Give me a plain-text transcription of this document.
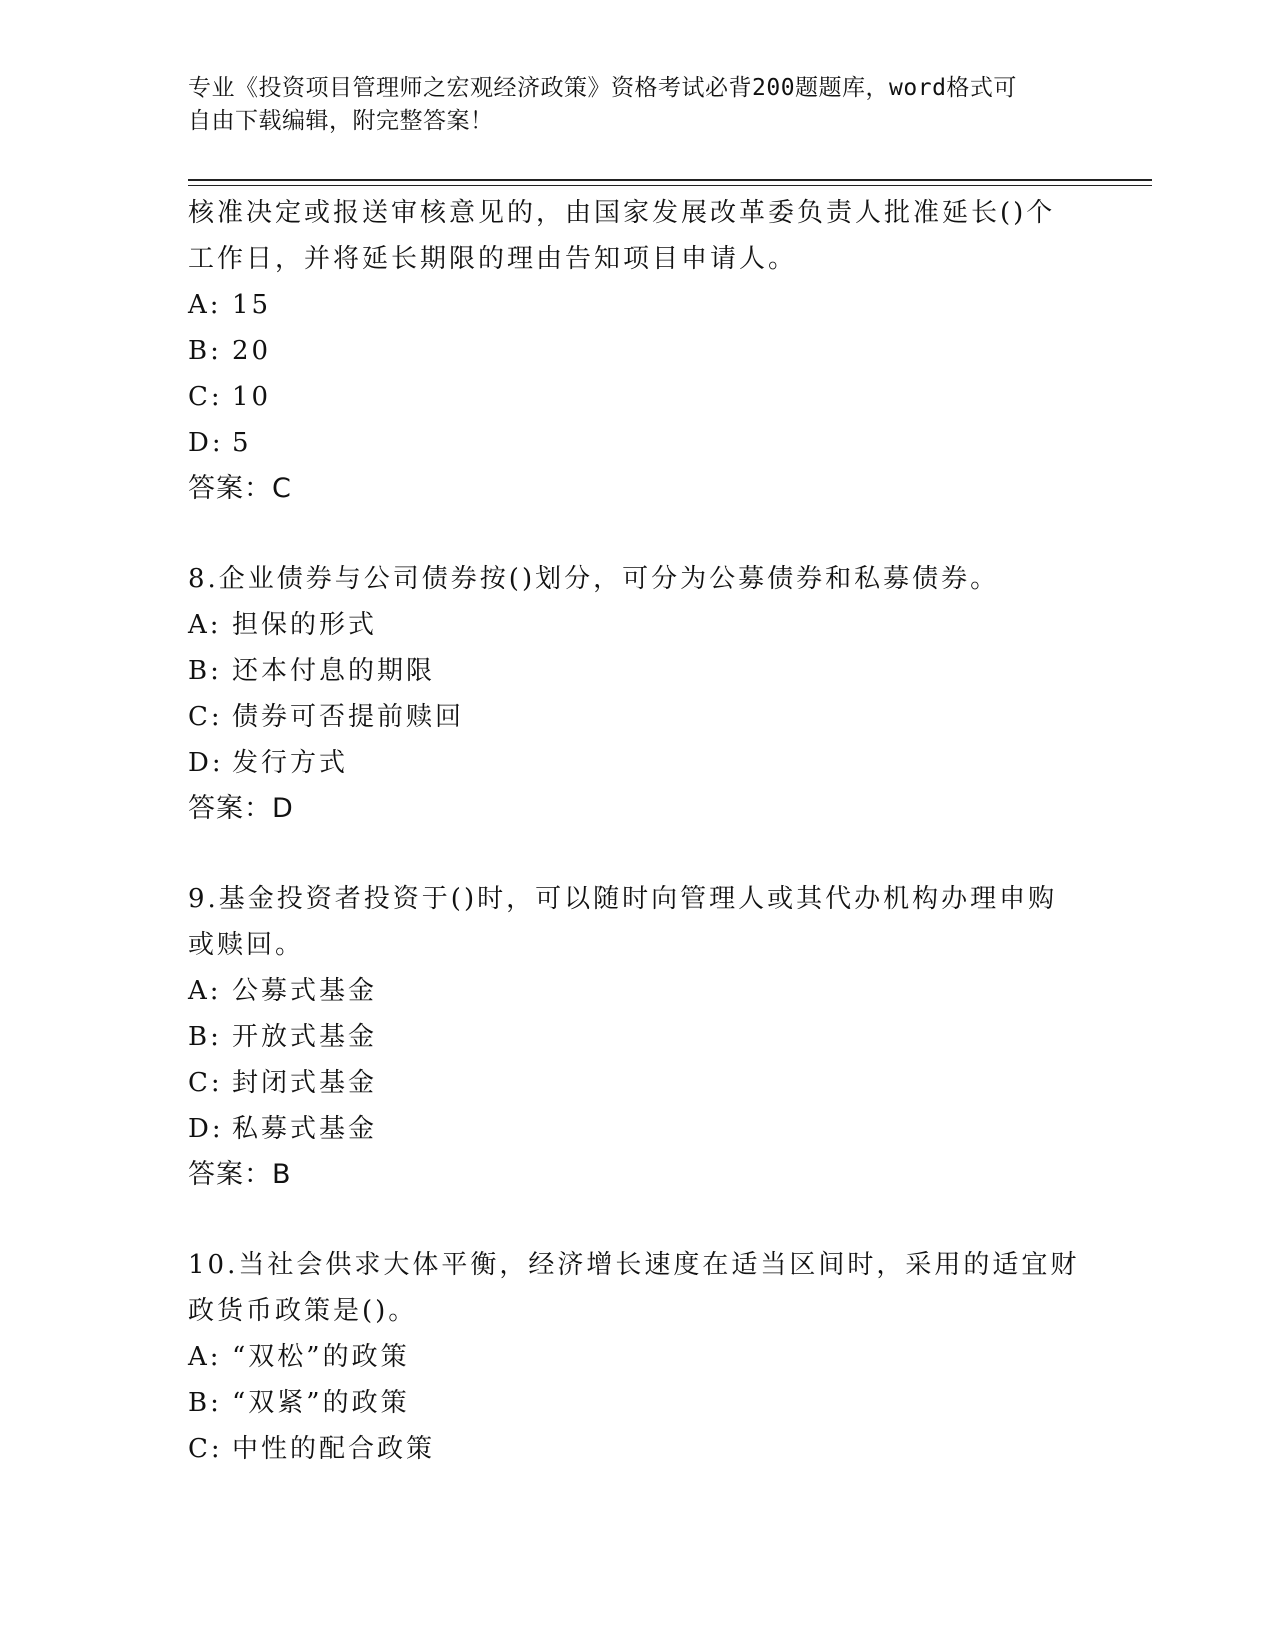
专业《投资项目管理师之宏观经济政策》资格考试必背200题题库，word格式可
自由下载编辑，附完整答案！
核准决定或报送审核意见的，由国家发展改革委负责人批准延长()个
工作日，并将延长期限的理由告知项目申请人。
A: 15
B: 20
C: 10
D: 5
答案：C
8.企业债券与公司债券按()划分，可分为公募债券和私募债券。
A: 担保的形式
B: 还本付息的期限
C: 债券可否提前赎回
D: 发行方式
答案：D
9.基金投资者投资于()时，可以随时向管理人或其代办机构办理申购
或赎回。
A: 公募式基金
B: 开放式基金
C: 封闭式基金
D: 私募式基金
答案：B
10.当社会供求大体平衡，经济增长速度在适当区间时，采用的适宜财
政货币政策是()。
A: “双松”的政策
B: “双紧”的政策
C: 中性的配合政策
